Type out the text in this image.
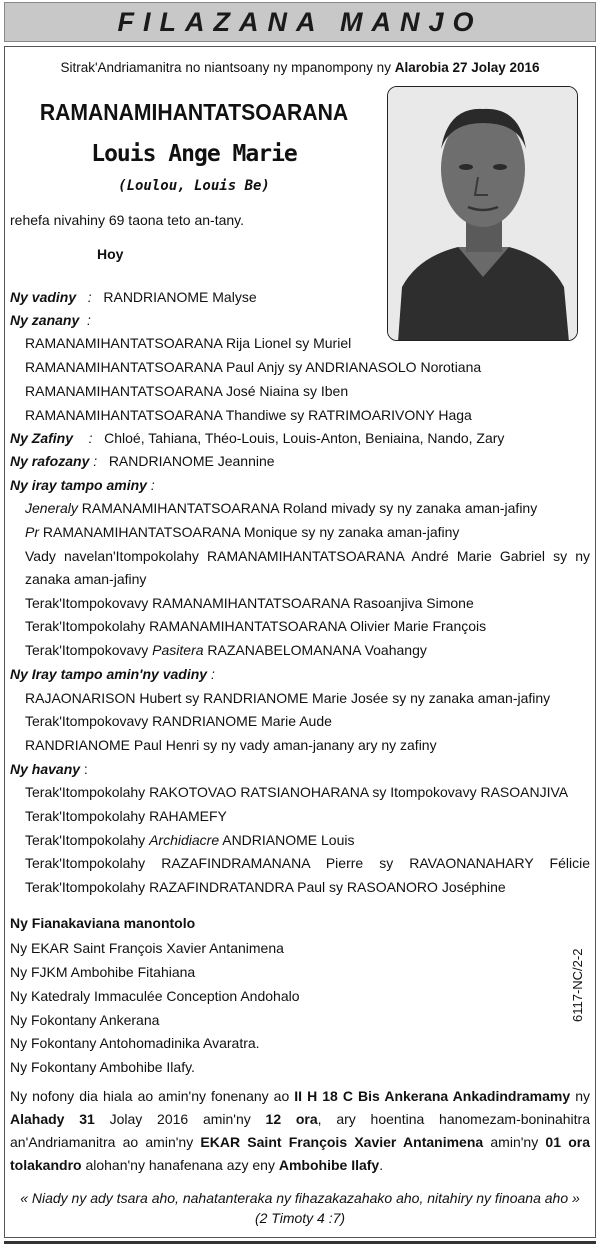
FILAZANA MANJO
Sitrak'Andriamanitra no niantsoany ny mpanompony ny Alarobia 27 Jolay 2016
RAMANAMIHANTATSOARANA
Louis Ange Marie
(Loulou, Louis Be)
rehefa nivahiny 69 taona teto an-tany.
Hoy
Ny vadiny   :   RANDRIANOME Malyse
Ny zanany  :
RAMANAMIHANTATSOARANA Rija Lionel sy Muriel
RAMANAMIHANTATSOARANA Paul Anjy sy ANDRIANASOLO Norotiana
RAMANAMIHANTATSOARANA José Niaina sy Iben
RAMANAMIHANTATSOARANA Thandiwe sy RATRIMOARIVONY Haga
Ny Zafiny    :   Chloé, Tahiana, Théo-Louis, Louis-Anton, Beniaina, Nando, Zary
Ny rafozany :   RANDRIANOME Jeannine
Ny iray tampo aminy :
Jeneraly RAMANAMIHANTATSOARANA Roland mivady sy ny zanaka aman-jafiny
Pr RAMANAMIHANTATSOARANA Monique sy ny zanaka aman-jafiny
Vady navelan'Itompokolahy RAMANAMIHANTATSOARANA André Marie Gabriel sy ny
zanaka aman-jafiny
Terak'Itompokovavy RAMANAMIHANTATSOARANA Rasoanjiva Simone
Terak'Itompokolahy RAMANAMIHANTATSOARANA Olivier Marie François
Terak'Itompokovavy Pasitera RAZANABELOMANANA Voahangy
Ny Iray tampo amin'ny vadiny :
RAJAONARISON Hubert sy RANDRIANOME Marie Josée sy ny zanaka aman-jafiny
Terak'Itompokovavy RANDRIANOME Marie Aude
RANDRIANOME Paul Henri sy ny vady aman-janany ary ny zafiny
Ny havany :
Terak'Itompokolahy RAKOTOVAO RATSIANOHARANA sy Itompokovavy RASOANJIVA
Terak'Itompokolahy RAHAMEFY
Terak'Itompokolahy Archidiacre ANDRIANOME Louis
Terak'Itompokolahy RAZAFINDRAMANANA Pierre sy RAVAONANAHARY Félicie
Terak'Itompokolahy RAZAFINDRATANDRA Paul sy RASOANORO Joséphine
Ny Fianakaviana manontolo
Ny EKAR Saint François Xavier Antanimena
Ny FJKM Ambohibe Fitahiana
Ny Katedraly Immaculée Conception Andohalo
Ny Fokontany Ankerana
Ny Fokontany Antohomadinika Avaratra.
Ny Fokontany Ambohibe Ilafy.
6117-NC/2-2
Ny nofony dia hiala ao amin'ny fonenany ao II H 18 C Bis Ankerana Ankadindramamy ny
Alahady 31 Jolay 2016 amin'ny 12 ora, ary hoentina hanomezam-boninahitra
an'Andriamanitra ao amin'ny EKAR Saint François Xavier Antanimena amin'ny 01 ora
tolakandro alohan'ny hanafenana azy eny Ambohibe Ilafy.
« Niady ny ady tsara aho, nahatanteraka ny fihazakazahako aho, nitahiry ny finoana aho »
(2 Timoty 4 :7)
